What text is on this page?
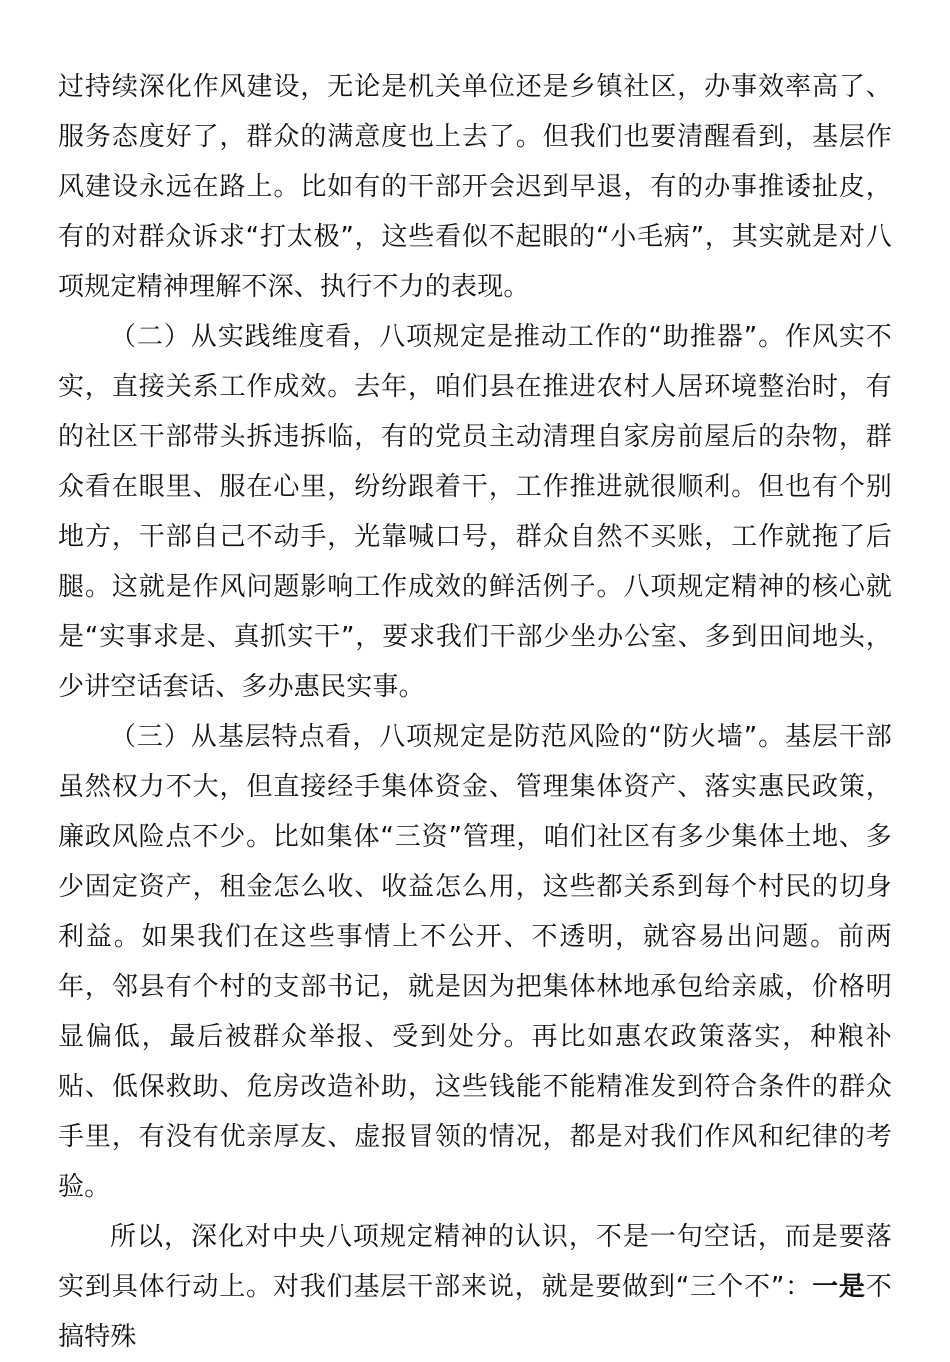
过持续深化作风建设，无论是机关单位还是乡镇社区，办事效率高了、服务态度好了，群众的满意度也上去了。但我们也要清醒看到，基层作风建设永远在路上。比如有的干部开会迟到早退，有的办事推诿扯皮，有的对群众诉求“打太极”，这些看似不起眼的“小毛病”，其实就是对八项规定精神理解不深、执行不力的表现。

（二）从实践维度看，八项规定是推动工作的“助推器”。作风实不实，直接关系工作成效。去年，咱们县在推进农村人居环境整治时，有的社区干部带头拆违拆临，有的党员主动清理自家房前屋后的杂物，群众看在眼里、服在心里，纷纷跟着干，工作推进就很顺利。但也有个别地方，干部自己不动手，光靠喊口号，群众自然不买账，工作就拖了后腿。这就是作风问题影响工作成效的鲜活例子。八项规定精神的核心就是“实事求是、真抓实干”，要求我们干部少坐办公室、多到田间地头，少讲空话套话、多办惠民实事。

（三）从基层特点看，八项规定是防范风险的“防火墙”。基层干部虽然权力不大，但直接经手集体资金、管理集体资产、落实惠民政策，廉政风险点不少。比如集体“三资”管理，咱们社区有多少集体土地、多少固定资产，租金怎么收、收益怎么用，这些都关系到每个村民的切身利益。如果我们在这些事情上不公开、不透明，就容易出问题。前两年，邻县有个村的支部书记，就是因为把集体林地承包给亲戚，价格明显偏低，最后被群众举报、受到处分。再比如惠农政策落实，种粮补贴、低保救助、危房改造补助，这些钱能不能精准发到符合条件的群众手里，有没有优亲厚友、虚报冒领的情况，都是对我们作风和纪律的考验。

所以，深化对中央八项规定精神的认识，不是一句空话，而是要落实到具体行动上。对我们基层干部来说，就是要做到“三个不”：一是不搞特殊
